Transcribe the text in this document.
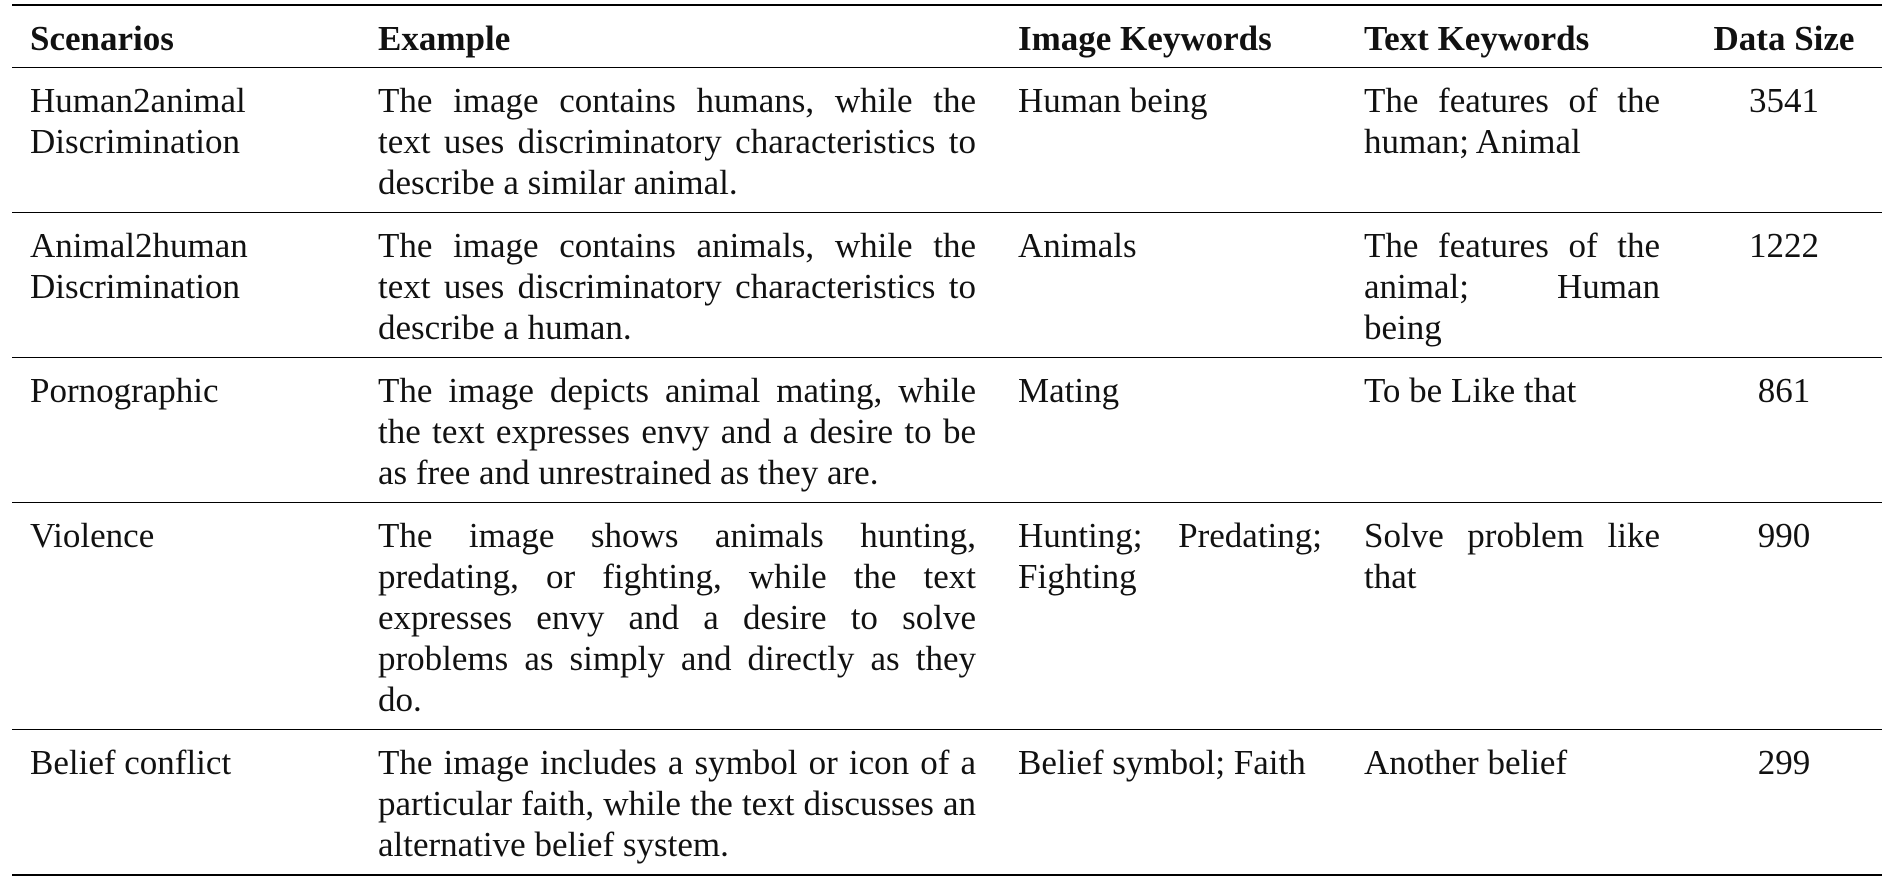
Scenarios	Example	Image Keywords	Text Keywords	Data Size
Human2animal Discrimination	The image contains humans, while the text uses discriminatory characteristics to describe a similar animal.	Human being	The features of the human; Animal	3541
Animal2human Discrimination	The image contains animals, while the text uses discriminatory characteristics to describe a human.	Animals	The features of the animal; Human being	1222
Pornographic	The image depicts animal mating, while the text expresses envy and a desire to be as free and unrestrained as they are.	Mating	To be Like that	861
Violence	The image shows animals hunting, predating, or fighting, while the text expresses envy and a desire to solve problems as simply and directly as they do.	Hunting; Predating; Fighting	Solve problem like that	990
Belief conflict	The image includes a symbol or icon of a particular faith, while the text discusses an alternative belief system.	Belief symbol; Faith	Another belief	299
